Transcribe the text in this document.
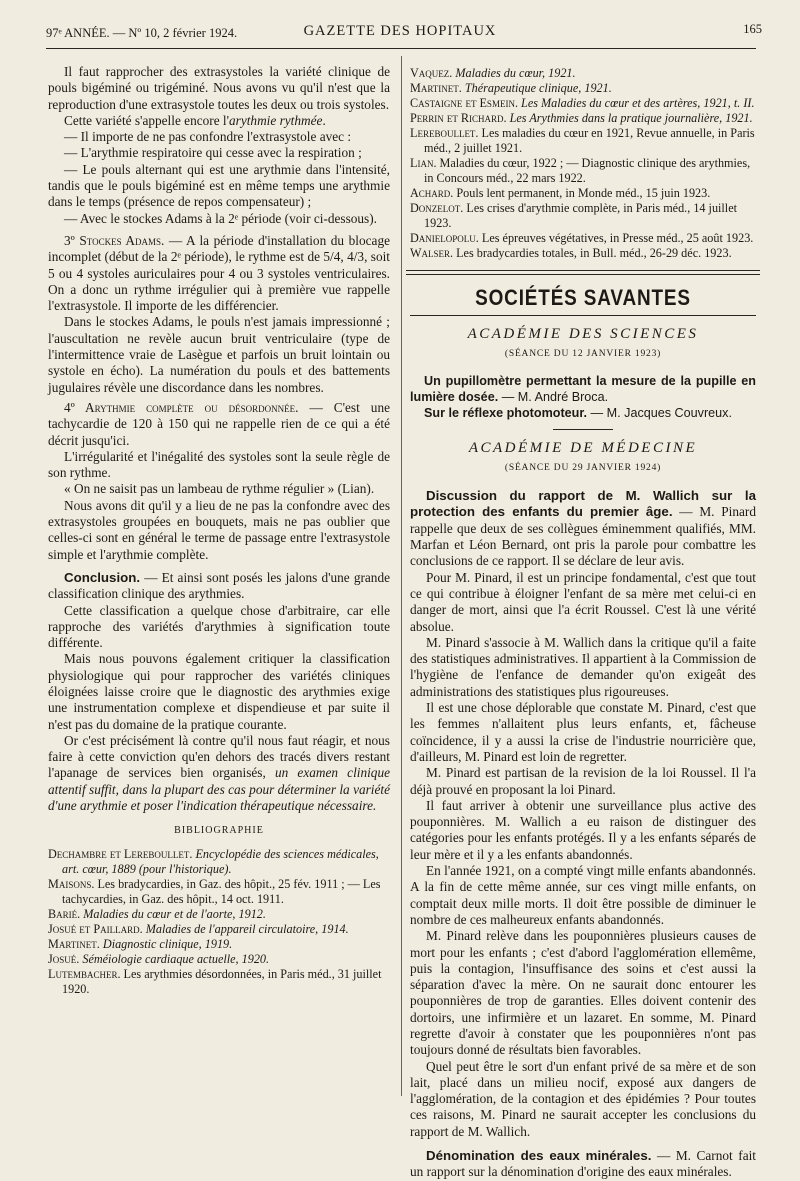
97ᵉ ANNÉE. — Nº 10, 2 février 1924.	GAZETTE DES HOPITAUX	165

Il faut rapprocher des extrasystoles la variété clinique de pouls bigéminé ou trigéminé. Nous avons vu qu'il n'est que la reproduction d'une extrasystole toutes les deux ou trois systoles.

Cette variété s'appelle encore l'arythmie rythmée.

— Il importe de ne pas confondre l'extrasystole avec :

— L'arythmie respiratoire qui cesse avec la respiration ;

— Le pouls alternant qui est une arythmie dans l'intensité, tandis que le pouls bigéminé est en même temps une arythmie dans le temps (présence de repos compensateur) ;

— Avec le stockes Adams à la 2ᵉ période (voir ci-dessous).

3º Stockes Adams. — A la période d'installation du blocage incomplet (début de la 2ᵉ période), le rythme est de 5/4, 4/3, soit 5 ou 4 systoles auriculaires pour 4 ou 3 systoles ventriculaires. On a donc un rythme irrégulier qui à première vue rappelle l'extrasystole. Il importe de les différencier.

Dans le stockes Adams, le pouls n'est jamais impressionné ; l'auscultation ne revèle aucun bruit ventriculaire (type de l'intermittence vraie de Lasègue et parfois un bruit lointain ou systole en écho). La numération du pouls et des battements jugulaires révèle une discordance dans les nombres.

4º Arythmie complète ou désordonnée. — C'est une tachycardie de 120 à 150 qui ne rappelle rien de ce qui a été décrit jusqu'ici.

L'irrégularité et l'inégalité des systoles sont la seule règle de son rythme.

« On ne saisit pas un lambeau de rythme régulier » (Lian).

Nous avons dit qu'il y a lieu de ne pas la confondre avec des extrasystoles groupées en bouquets, mais ne pas oublier que celles-ci sont en général le terme de passage entre l'extrasystole simple et l'arythmie complète.

Conclusion. — Et ainsi sont posés les jalons d'une grande classification clinique des arythmies.

Cette classification a quelque chose d'arbitraire, car elle rapproche des variétés d'arythmies à signification toute différente.

Mais nous pouvons également critiquer la classification physiologique qui pour rapprocher des variétés cliniques éloignées laisse croire que le diagnostic des arythmies exige une instrumentation complexe et dispendieuse et par suite il n'est pas du domaine de la pratique courante.

Or c'est précisément là contre qu'il nous faut réagir, et nous faire à cette conviction qu'en dehors des tracés divers restant l'apanage de services bien organisés, un examen clinique attentif suffit, dans la plupart des cas pour déterminer la variété d'une arythmie et poser l'indication thérapeutique nécessaire.

BIBLIOGRAPHIE

Dechambre et Lereboullet. Encyclopédie des sciences médicales, art. cœur, 1889 (pour l'historique).

Maisons. Les bradycardies, in Gaz. des hôpit., 25 fév. 1911 ; — Les tachycardies, in Gaz. des hôpit., 14 oct. 1911.

Barié. Maladies du cœur et de l'aorte, 1912.

Josué et Paillard. Maladies de l'appareil circulatoire, 1914.

Martinet. Diagnostic clinique, 1919.

Josué. Séméiologie cardiaque actuelle, 1920.

Lutembacher. Les arythmies désordonnées, in Paris méd., 31 juillet 1920.

Vaquez. Maladies du cœur, 1921.

Martinet. Thérapeutique clinique, 1921.

Castaigne et Esmein. Les Maladies du cœur et des artères, 1921, t. II.

Perrin et Richard. Les Arythmies dans la pratique journalière, 1921.

Lereboullet. Les maladies du cœur en 1921, Revue annuelle, in Paris méd., 2 juillet 1921.

Lian. Maladies du cœur, 1922 ; — Diagnostic clinique des arythmies, in Concours méd., 22 mars 1922.

Achard. Pouls lent permanent, in Monde méd., 15 juin 1923.

Donzelot. Les crises d'arythmie complète, in Paris méd., 14 juillet 1923.

Danielopolu. Les épreuves végétatives, in Presse méd., 25 août 1923.

Walser. Les bradycardies totales, in Bull. méd., 26-29 déc. 1923.

SOCIÉTÉS SAVANTES
ACADÉMIE DES SCIENCES
(SÉANCE DU 12 JANVIER 1923)

Un pupillomètre permettant la mesure de la pupille en lumière dosée. — M. André Broca.

Sur le réflexe photomoteur. — M. Jacques Couvreux.

ACADÉMIE DE MÉDECINE
(SÉANCE DU 29 JANVIER 1924)

Discussion du rapport de M. Wallich sur la protection des enfants du premier âge. — M. Pinard rappelle que deux de ses collègues éminemment qualifiés, MM. Marfan et Léon Bernard, ont pris la parole pour combattre les conclusions de ce rapport. Il se déclare de leur avis.

Pour M. Pinard, il est un principe fondamental, c'est que tout ce qui contribue à éloigner l'enfant de sa mère met celui-ci en danger de mort, ainsi que l'a écrit Roussel. C'est là une vérité absolue.

M. Pinard s'associe à M. Wallich dans la critique qu'il a faite des statistiques administratives. Il appartient à la Commission de l'hygiène de l'enfance de demander qu'on exigeât des administrations des statistiques plus rigoureuses.

Il est une chose déplorable que constate M. Pinard, c'est que les femmes n'allaitent plus leurs enfants, et, fâcheuse coïncidence, il y a aussi la crise de l'industrie nourricière que, d'ailleurs, M. Pinard est loin de regretter.

M. Pinard est partisan de la revision de la loi Roussel. Il l'a déjà prouvé en proposant la loi Pinard.

Il faut arriver à obtenir une surveillance plus active des pouponnières. M. Wallich a eu raison de distinguer des catégories pour les enfants protégés. Il y a les enfants séparés de leur mère et il y a les enfants abandonnés.

En l'année 1921, on a compté vingt mille enfants abandonnés. A la fin de cette même année, sur ces vingt mille enfants, on comptait deux mille morts. Il doit être possible de diminuer le nombre de ces malheureux enfants abandonnés.

M. Pinard relève dans les pouponnières plusieurs causes de mort pour les enfants ; c'est d'abord l'agglomération ellemême, puis la contagion, l'insuffisance des soins et c'est aussi la séparation d'avec la mère. On ne saurait donc entourer les pouponnières de trop de garanties. Elles doivent contenir des dortoirs, une infirmière et un lazaret. En somme, M. Pinard regrette d'avoir à constater que les pouponnières n'ont pas toujours donné de résultats bien favorables.

Quel peut être le sort d'un enfant privé de sa mère et de son lait, placé dans un milieu nocif, exposé aux dangers de l'agglomération, de la contagion et des épidémies ? Pour toutes ces raisons, M. Pinard ne saurait accepter les conclusions du rapport de M. Wallich.

Dénomination des eaux minérales. — M. Carnot fait un rapport sur la dénomination d'origine des eaux minérales.
